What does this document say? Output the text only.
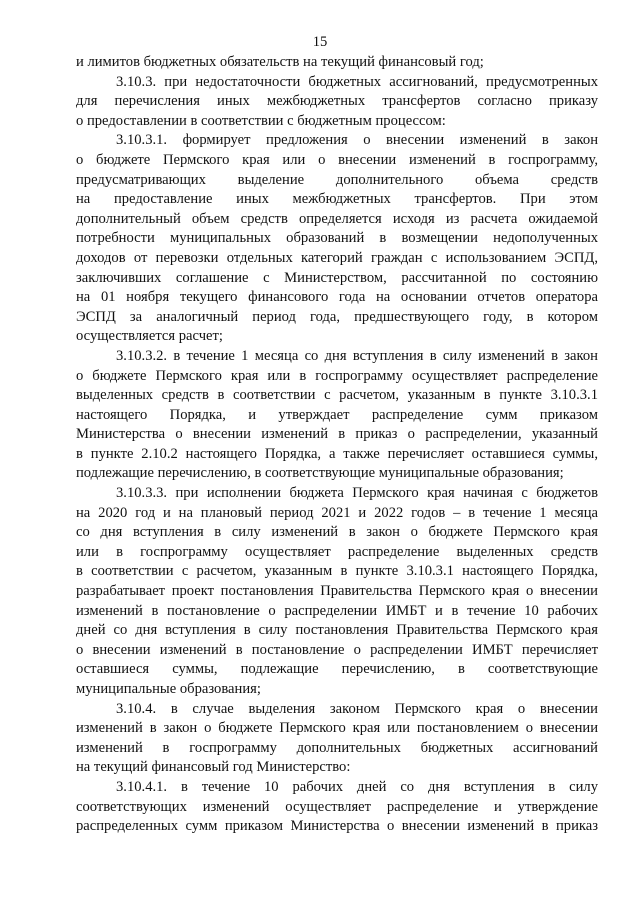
15
и лимитов бюджетных обязательств на текущий финансовый год;
3.10.3. при недостаточности бюджетных ассигнований, предусмотренных
для перечисления иных межбюджетных трансфертов согласно приказу
о предоставлении в соответствии с бюджетным процессом:
3.10.3.1. формирует предложения о внесении изменений в закон
о бюджете Пермского края или о внесении изменений в госпрограмму,
предусматривающих выделение дополнительного объема средств
на предоставление иных межбюджетных трансфертов. При этом
дополнительный объем средств определяется исходя из расчета ожидаемой
потребности муниципальных образований в возмещении недополученных
доходов от перевозки отдельных категорий граждан с использованием ЭСПД,
заключивших соглашение с Министерством, рассчитанной по состоянию
на 01 ноября текущего финансового года на основании отчетов оператора
ЭСПД за аналогичный период года, предшествующего году, в котором
осуществляется расчет;
3.10.3.2. в течение 1 месяца со дня вступления в силу изменений в закон
о бюджете Пермского края или в госпрограмму осуществляет распределение
выделенных средств в соответствии с расчетом, указанным в пункте 3.10.3.1
настоящего Порядка, и утверждает распределение сумм приказом
Министерства о внесении изменений в приказ о распределении, указанный
в пункте 2.10.2 настоящего Порядка, а также перечисляет оставшиеся суммы,
подлежащие перечислению, в соответствующие муниципальные образования;
3.10.3.3. при исполнении бюджета Пермского края начиная с бюджетов
на 2020 год и на плановый период 2021 и 2022 годов – в течение 1 месяца
со дня вступления в силу изменений в закон о бюджете Пермского края
или в госпрограмму осуществляет распределение выделенных средств
в соответствии с расчетом, указанным в пункте 3.10.3.1 настоящего Порядка,
разрабатывает проект постановления Правительства Пермского края о внесении
изменений в постановление о распределении ИМБТ и в течение 10 рабочих
дней со дня вступления в силу постановления Правительства Пермского края
о внесении изменений в постановление о распределении ИМБТ перечисляет
оставшиеся суммы, подлежащие перечислению, в соответствующие
муниципальные образования;
3.10.4. в случае выделения законом Пермского края о внесении
изменений в закон о бюджете Пермского края или постановлением о внесении
изменений в госпрограмму дополнительных бюджетных ассигнований
на текущий финансовый год Министерство:
3.10.4.1. в течение 10 рабочих дней со дня вступления в силу
соответствующих изменений осуществляет распределение и утверждение
распределенных сумм приказом Министерства о внесении изменений в приказ
